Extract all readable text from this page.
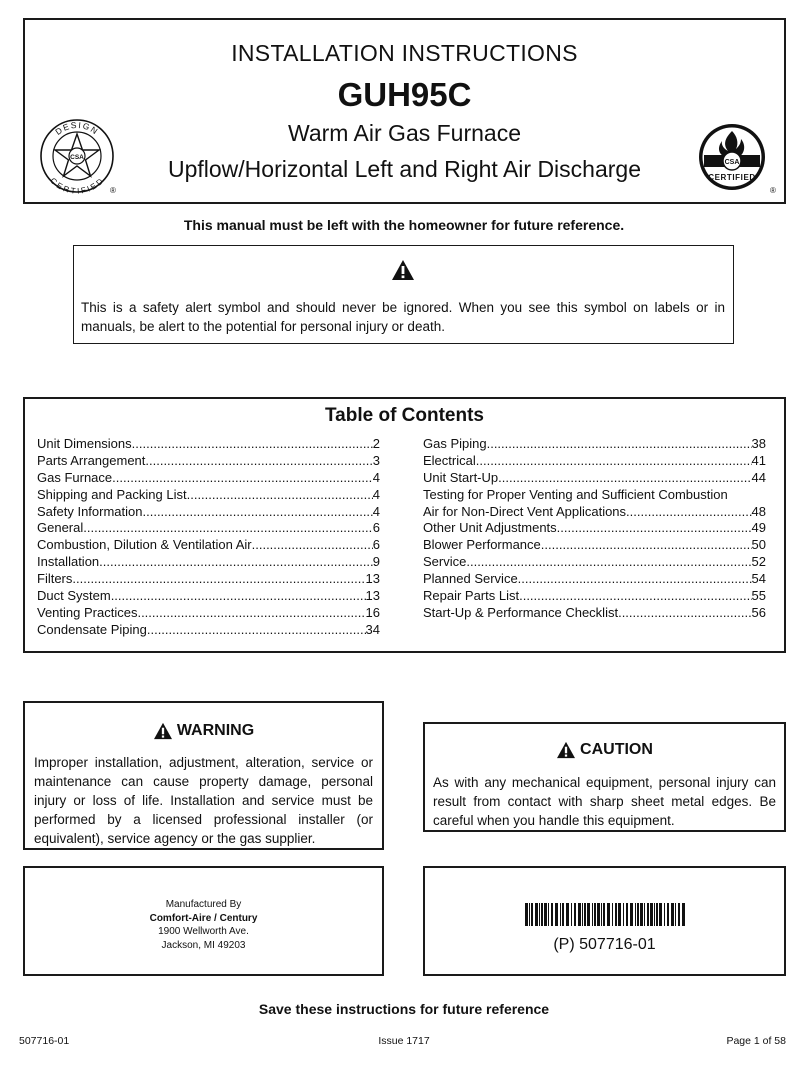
DESIGN
CERTIFIED
CSA
®
INSTALLATION INSTRUCTIONS
GUH95C
Warm Air Gas Furnace
Upflow/Horizontal Left and Right Air Discharge	CSA
CERTIFIED
®
This manual must be left with the homeowner for future reference.
This is a safety alert symbol and should never be ignored. When you see this symbol on labels or in manuals, be alert to the potential for personal injury or death.
Table of Contents
Unit Dimensions .....	2
Parts Arrangement .....	3
Gas Furnace .....	4
Shipping and Packing List .....	4
Safety Information .....	4
General .....	6
Combustion, Dilution & Ventilation Air .....	6
Installation .....	9
Filters .....	13
Duct System .....	13
Venting Practices .....	16
Condensate Piping .....	34
Gas Piping .....	38
Electrical .....	41
Unit Start-Up .....	44
Testing for Proper Venting and Sufficient Combustion
Air for Non-Direct Vent Applications .....	48
Other Unit Adjustments .....	49
Blower Performance .....	50
Service .....	52
Planned Service .....	54
Repair Parts List .....	55
Start-Up & Performance Checklist .....	56
WARNING
Improper installation, adjustment, alteration, service or maintenance can cause property damage, personal injury or loss of life. Installation and service must be performed by a licensed professional installer (or equivalent), service agency or the gas supplier.
CAUTION
As with any mechanical equipment, personal injury can result from contact with sharp sheet metal edges. Be careful when you handle this equipment.
Manufactured By
Comfort-Aire / Century
1900 Wellworth Ave.
Jackson, MI 49203	(P) 507716-01
Save these instructions for future reference
507716-01	Issue 1717	Page 1 of 58
